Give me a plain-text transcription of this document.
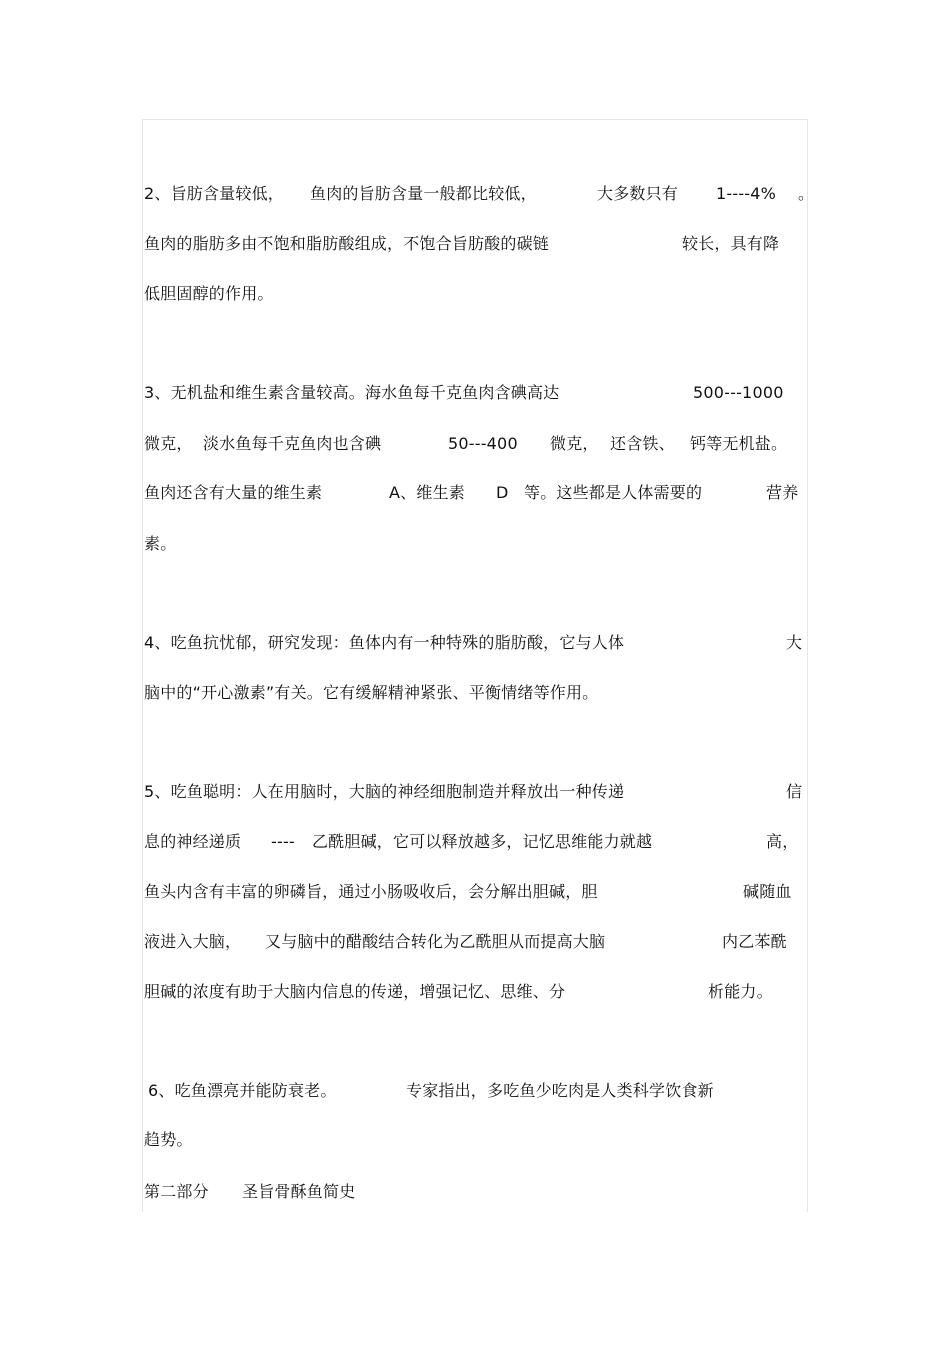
2、旨肪含量较低， 鱼肉的旨肪含量一般都比较低，	大多数只有 1----4% 。
鱼肉的脂肪多由不饱和脂肪酸组成，不饱合旨肪酸的碳链	较长，具有降
低胆固醇的作用。
3、无机盐和维生素含量较高。海水鱼每千克鱼肉含碘高达	500---1000
微克， 淡水鱼每千克鱼肉也含碘	50---400 微克， 还含铁、 钙等无机盐。
鱼肉还含有大量的维生素	A、维生素 D 等。这些都是人体需要的	营养
素。
4、吃鱼抗忧郁，研究发现：鱼体内有一种特殊的脂肪酸，它与人体	大
脑中的“开心激素”有关。它有缓解精神紧张、平衡情绪等作用。
5、吃鱼聪明：人在用脑时，大脑的神经细胞制造并释放出一种传递	信
息的神经递质 ---- 乙酰胆碱，它可以释放越多，记忆思维能力就越	高，
鱼头内含有丰富的卵磷旨，通过小肠吸收后，会分解出胆碱，胆	碱随血
液进入大脑， 又与脑中的醋酸结合转化为乙酰胆从而提高大脑	内乙苯酰
胆碱的浓度有助于大脑内信息的传递，增强记忆、思维、分	析能力。
6、吃鱼漂亮并能防衰老。	专家指出，多吃鱼少吃肉是人类科学饮食新
趋势。
第二部分 圣旨骨酥鱼简史
